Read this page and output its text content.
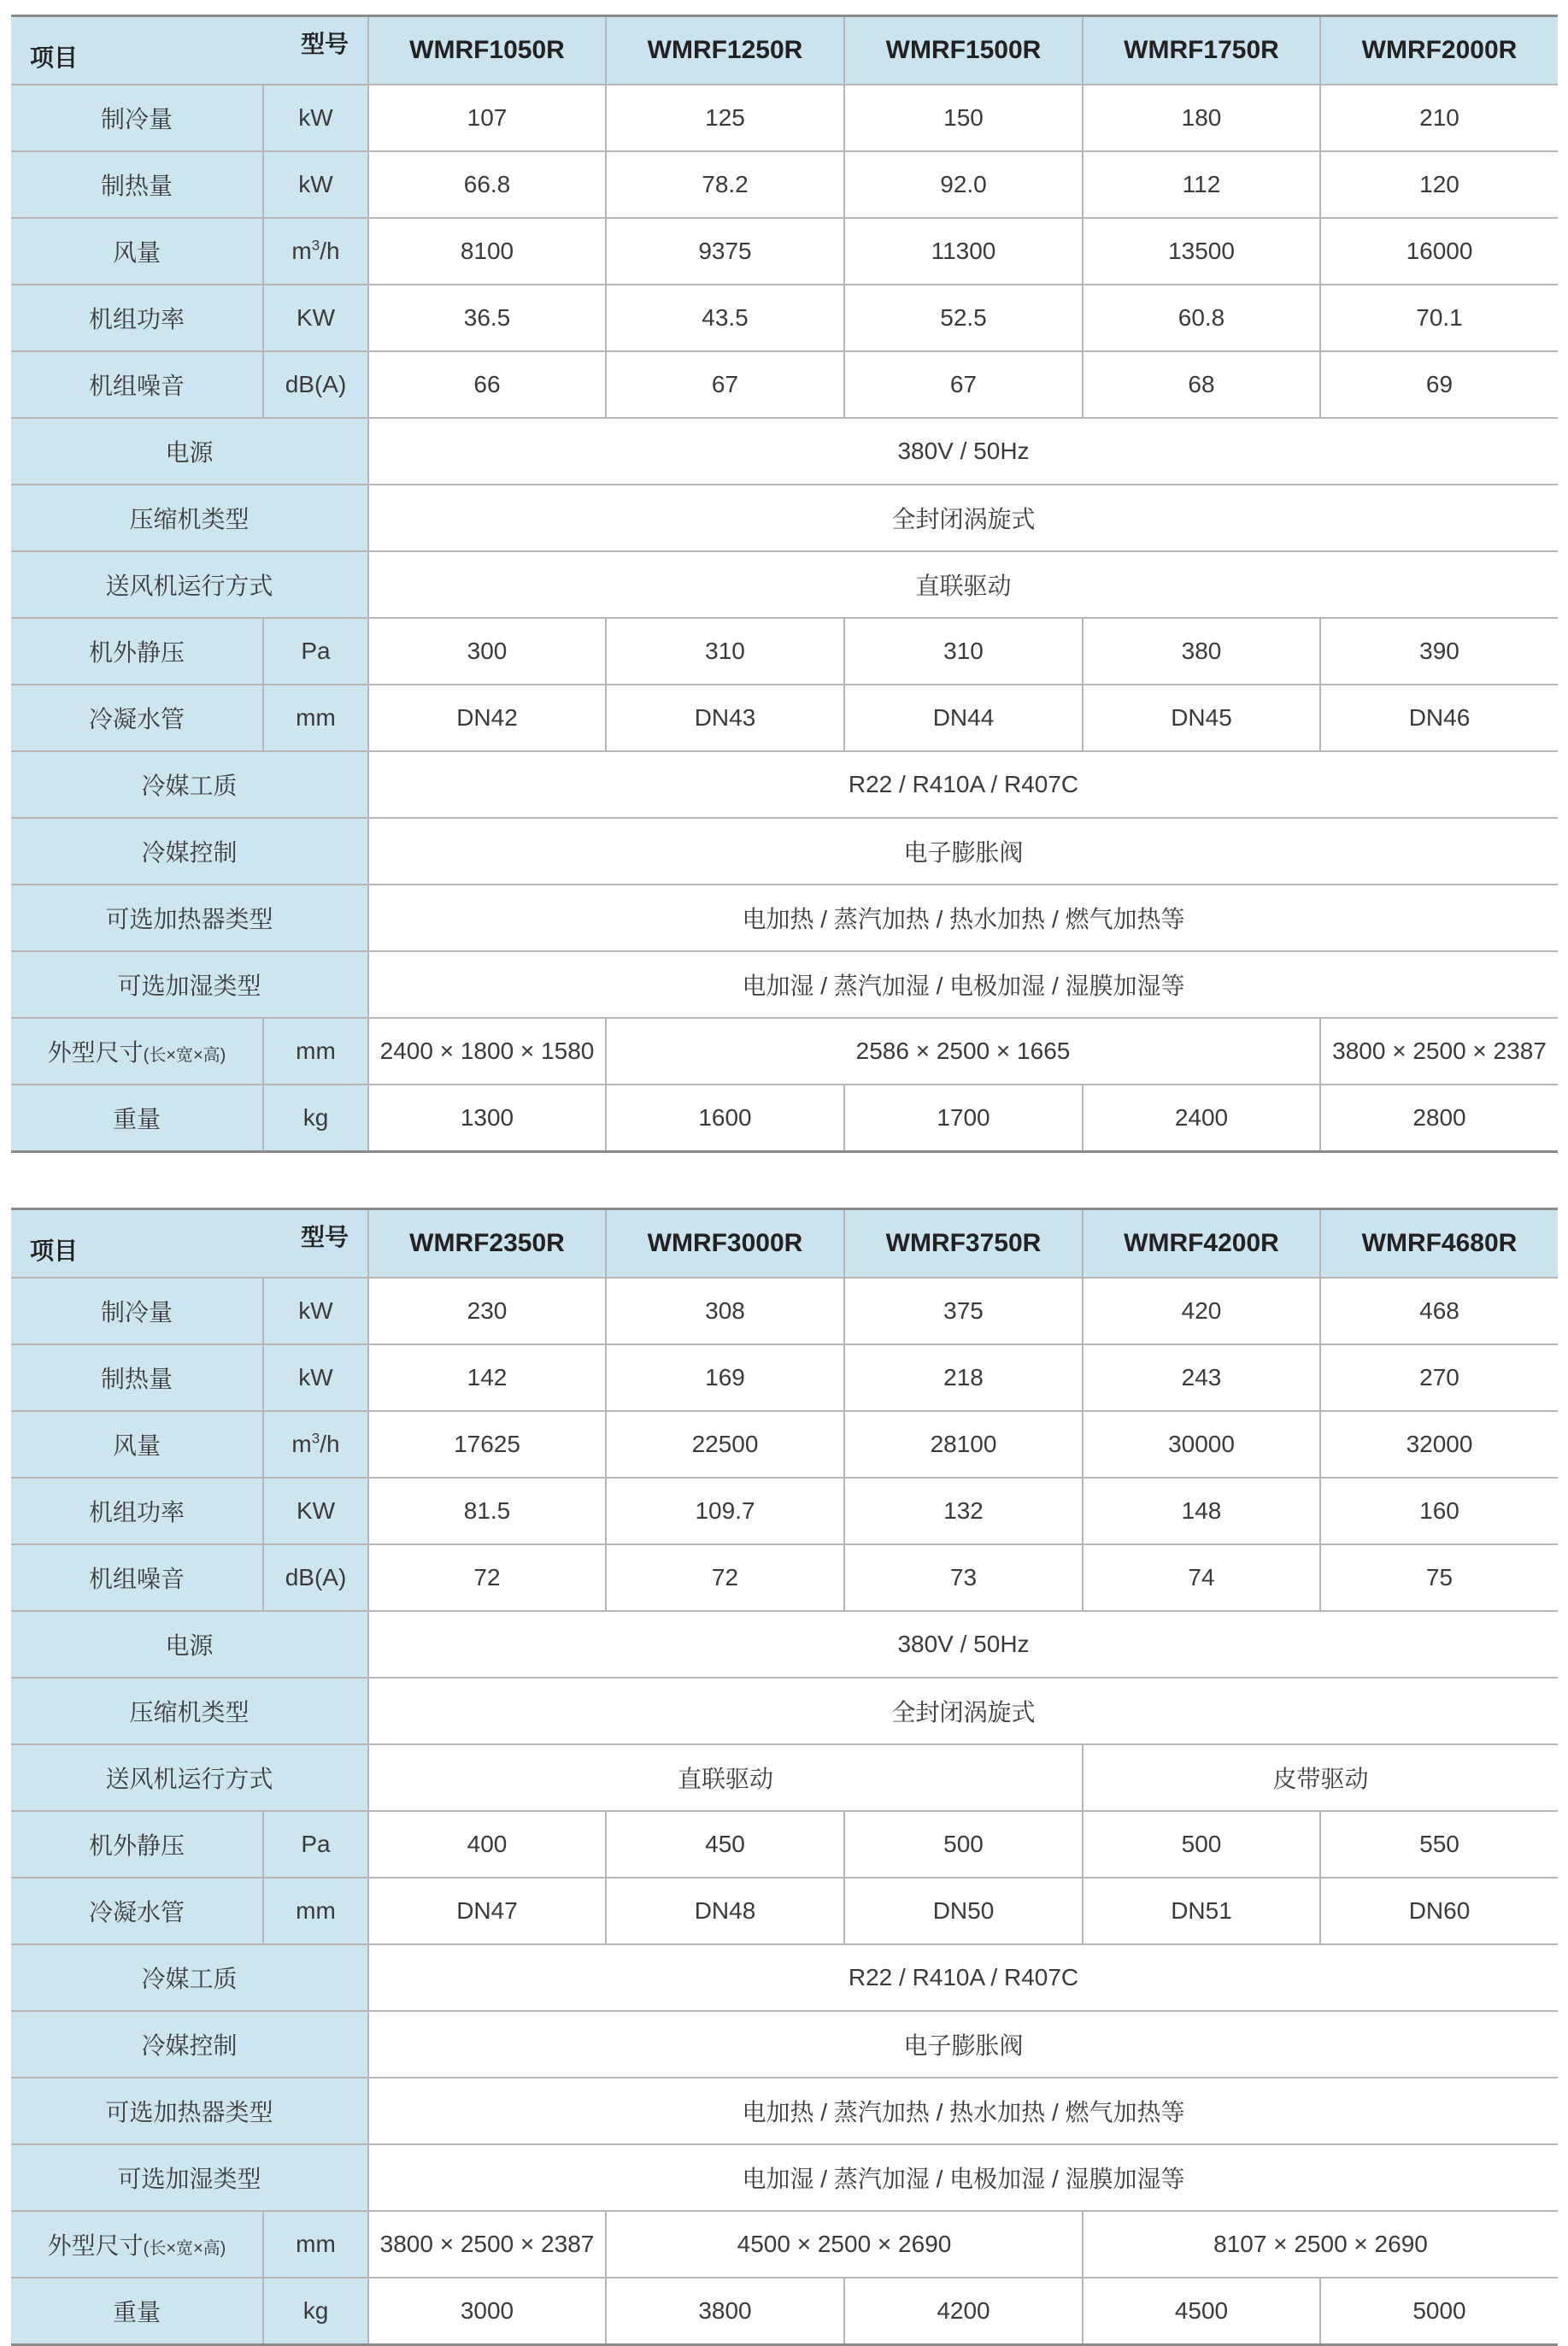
项目
型号		WMRF1050R	WMRF1250R	WMRF1500R	WMRF1750R	WMRF2000R
制冷量	kW	107	125	150	180	210
制热量	kW	66.8	78.2	92.0	112	120
风量	$m^3/h$	8100	9375	11300	13500	16000
机组功率	KW	36.5	43.5	52.5	60.8	70.1
机组噪音	dB(A)	66	67	67	68	69
电源		380V / 50Hz				
压缩机类型		全封闭涡旋式				
送风机运行方式		直联驱动				
机外静压	Pa	300	310	310	380	390
冷凝水管	mm	DN42	DN43	DN44	DN45	DN46
冷媒工质		R22 / R410A / R407C				
冷媒控制		电子膨胀阀				
可选加热器类型		电加热 / 蒸汽加热 / 热水加热 / 燃气加热等				
可选加湿类型		电加湿 / 蒸汽加湿 / 电极加湿 / 湿膜加湿等				
外型尺寸(长×宽×高)	mm	2400 × 1800 × 1580	2586 × 2500 × 1665			3800 × 2500 × 2387
重量	kg	1300	1600	1700	2400	2800
项目
型号		WMRF2350R	WMRF3000R	WMRF3750R	WMRF4200R	WMRF4680R
制冷量	kW	230	308	375	420	468
制热量	kW	142	169	218	243	270
风量	$m^3/h$	17625	22500	28100	30000	32000
机组功率	KW	81.5	109.7	132	148	160
机组噪音	dB(A)	72	72	73	74	75
电源		380V / 50Hz				
压缩机类型		全封闭涡旋式				
送风机运行方式		直联驱动			皮带驱动	
机外静压	Pa	400	450	500	500	550
冷凝水管	mm	DN47	DN48	DN50	DN51	DN60
冷媒工质		R22 / R410A / R407C				
冷媒控制		电子膨胀阀				
可选加热器类型		电加热 / 蒸汽加热 / 热水加热 / 燃气加热等				
可选加湿类型		电加湿 / 蒸汽加湿 / 电极加湿 / 湿膜加湿等				
外型尺寸(长×宽×高)	mm	3800 × 2500 × 2387	4500 × 2500 × 2690		8107 × 2500 × 2690	
重量	kg	3000	3800	4200	4500	5000
